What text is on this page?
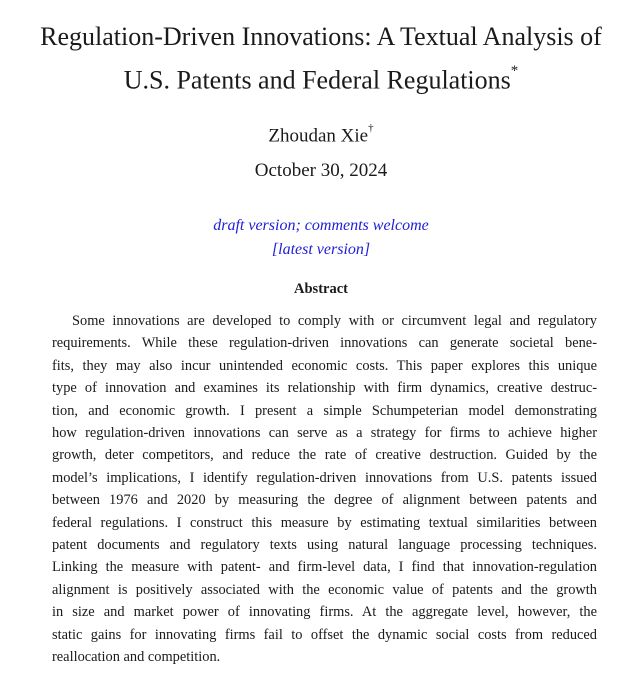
Regulation-Driven Innovations: A Textual Analysis of
U.S. Patents and Federal Regulations*
Zhoudan Xie†
October 30, 2024
draft version; comments welcome
[latest version]
Abstract
Some innovations are developed to comply with or circumvent legal and regulatory
requirements. While these regulation-driven innovations can generate societal bene-
fits, they may also incur unintended economic costs. This paper explores this unique
type of innovation and examines its relationship with firm dynamics, creative destruc-
tion, and economic growth. I present a simple Schumpeterian model demonstrating
how regulation-driven innovations can serve as a strategy for firms to achieve higher
growth, deter competitors, and reduce the rate of creative destruction. Guided by the
model’s implications, I identify regulation-driven innovations from U.S. patents issued
between 1976 and 2020 by measuring the degree of alignment between patents and
federal regulations. I construct this measure by estimating textual similarities between
patent documents and regulatory texts using natural language processing techniques.
Linking the measure with patent- and firm-level data, I find that innovation-regulation
alignment is positively associated with the economic value of patents and the growth
in size and market power of innovating firms. At the aggregate level, however, the
static gains for innovating firms fail to offset the dynamic social costs from reduced
reallocation and competition.
